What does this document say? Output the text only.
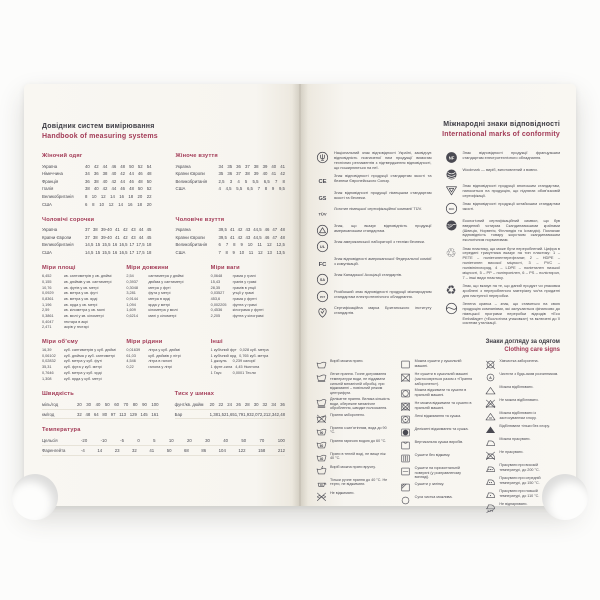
Довідник систем вимірювання
Handbook of measuring systems
Жіночий одяг
Україна	40 42 44 46 48 50 52 54
Німеччина	34 36 38 40 42 44 46 48
Франція	36 38 40 42 44 46 48 50
Італія	38 40 42 44 46 48 50 52
Великобританія	8 10 12 14 16 18 20 22
США	6 8 10 12 14 16 18 20
Жіноче взуття
Україна	34 35 36 37 38 39 40 41
Країни Європи	35 36 37 38 39 40 41 42
Великобританія	2,5 3 4 5 5,5 6,5 7 8
США	4 4,5 5,5 6,5 7 8 9 9,5
Чоловічі сорочки
Україна	37 38 39-40 41 42 43 44 45
Країни Європи	37 38 39-40 41 42 43 44 45
Великобританія	14,5 15 15,5 16 16,5 17 17,5 18
США	14,5 15 15,5 16 16,5 17 17,5 18
Чоловіче взуття
Україна	39,5 41 42 43 44,5 46 47 48
Країни Європи	39,5 41 42 43 44,5 46 47 48
Великобританія	6 7 8 9 10 11 12 12,5
США	7 8 9 10 11 12 13 13,5
Міри площі
6,452	кв. сантиметрів у кв. дюймі
0,155	кв. дюймів у кв. сантиметрі
10,76	кв. футів у кв. метрі
0,0929	кв. метра у кв. футі
0,8361	кв. метра у кв. ярді
1,196	кв. ярда у кв. метрі
2,59	кв. кілометра у кв. милі
0,3861	кв. милі у кв. кілометрі
0,4047	гектара в акрі
2,471	акрів у гектарі
Міри довжини
2,54	сантиметра у дюймі
0,3937	дюйма у сантиметрі
0,3048	метра у футі
3,281	фута у метрі
0,9144	метра в ярді
1,094	ярда у метрі
1,609	кілометра у милі
0,6214	милі у кілометрі
Міри ваги
0,0648	грама у грані
15,43	гранів у грамі
28,35	грамів в унції
0,03527	унції у грамі
453,6	грама у фунті
0,002205	фунта у грамі
0,4536	кілограма у фунті
2,205	фунта у кілограмі
Міри об’єму
16,39	куб. сантиметрів у куб. дюймі
0,06102	куб. дюйма у куб. сантиметрі
0,02832	куб. метра у куб. футі
35,31	куб. фута у куб. метрі
0,7646	куб. метра у куб. ярді
1,308	куб. ярда у куб. метрі
Міри рідини
0,01639	літра у куб. дюймі
61,03	куб. дюймів у літрі
4,546	літра в галоні
0,22	галона у літрі
Інші
1 кубічний фут 0,028 куб. метра
1 кубічний ярд 0,765 куб. метра
1 джоуль	0,239 калорії
1 фунт-сила 4,45 Ньютона
1 Гаус	0,0001 Тесли
Швидкість
міль/год	20 30 40 50 60 70 80 90 100
км/год	32 48 64 80 97 113 129 145 161
Тиск у шинах
фунт/кв. дюйм	20 22 24 26 28 30 32 34 36
Бар	1,38 1,52 1,65 1,79 1,93 2,07 2,21 2,34 2,48
Температура
Цельсія	-20	-10	-5	0	5	10	20	30	40	50	70	100
Фаренгейта	-4	14	23	32	41	50	68	86	104	122	158	212
Міжнародні знаки відповідності
International marks of conformity

Національний знак відповідності Україні, засвідчує відповідність позначеної ним продукції вимогам технічних регламентів з підтвердження відповідності, що поширюються на неї.

CЕ

Знак відповідності продукції стандартам якості та безпеки Європейського Союзу.

GS

Знак відповідності продукції німецьким стандартам якості та безпеки.

TÜV

Логотип німецької сертифікаційної компанії TÜV.

Знак, що вказує відповідність продукції американським стандартам.

UL

Знак американської лабораторії з техніки безпеки.

FC

Знак відповідності американської Федеральної комісії з комунікацій.

SA

Знак Канадської Асоціації стандартів.

РСТ

Російський знак відповідності продукції міжнародним стандартам електротехнічного обладнання.

Сертифікаційна марка Британського інституту стандартів.

NF

Знак відповідності продукції французьким стандартам електротехнічного обладнання.

Woolmark — виріб, виготовлений з вовни.

Знак відповідності продукції японським стандартам, наноситься на продукцію, що підлягає обов’язковій сертифікації.

CCC

Знак відповідності продукції китайським стандартам якості.

Екологічний сертифікаційний символ, що був введений чотирма Скандинавськими країнами (Швеція, Норвегія, Фінляндія та Ісландія). Позначає відповідність товару жорстким скандинавським екологічним нормативам.

♲ Знак пластику, що може бути перероблений. Цифра в середині трикутника вказує на тип пластику: 1 – PETE – поліетилентерефталат, 2 – HDPE – поліетилен високої міцності, 3 – PVC – полівінілхлорид, 4 – LDPE – поліетилен низької міцності, 5 – PP – поліпропілен, 6 – PS – полістирол, 7 – інші види пластику.

♻ Знак, що вказує на те, що даний продукт чи упаковка зроблені з переробленого матеріалу чи/та придатні для наступної переробки.

Зелена крапка – знак, що ставиться на свою продукцію компаніями, які залучаються фінансово до німецької програми переробки відходів «Eco Emballage» («Екологічна упаковка») та включені до її системи утилізації.

Знаки догляду за одягом
Clothing care signs

Виріб можна прати.

Легке прання. Точне дотримання температури води, не піддавати сильній механічній обробці, при віджиманні – повільний режим центрифуги.

Делікатне прання. Велика кількість води, обережне механічне оброблення, швидке полоскання.

Прання заборонено.

90

Прання з кип’ятінням, вода до 90 °С.

60

Прання гарячою водою до 60 °С.

40

Прати в теплій воді, не вище ніж 40 °С.

Виріб можна прати вручну.

40

Тільки ручне прання до 40 °С. Не терти, не віджимати.

Не віджимати.

Можна сушити у сушильній машині.

Не сушити в сушильній машині (застосовується разом з «Прання заборонено»).

Можна віджимати та сушити в пральній машині.

Не можна віджимати та сушити в пральній машині.

Легкі віджимання та сушка.

Делікатні віджимання та сушка.

Вертикальна сушка виробів.

Сушити без віджиму.

Сушити на горизонтальній поверхні (у розправленому вигляді).

Сушити у затінку.

Суха чистка можлива.

Хімчистка заборонена.

A

Чистити з будь-яким розчинником.

Можна відбілювати.

Не можна відбілювати.

Cl

Можна відбілювати із застосуванням хлору.

Відбілювати тільки без хлору.

Можна прасувати.

Не прасувати.

Прасувати при високій температурі, до 200 °С.

Прасувати при середній температурі, до 150 °С.

Прасувати при низькій температурі, до 110 °С.

Не відпарювати.
